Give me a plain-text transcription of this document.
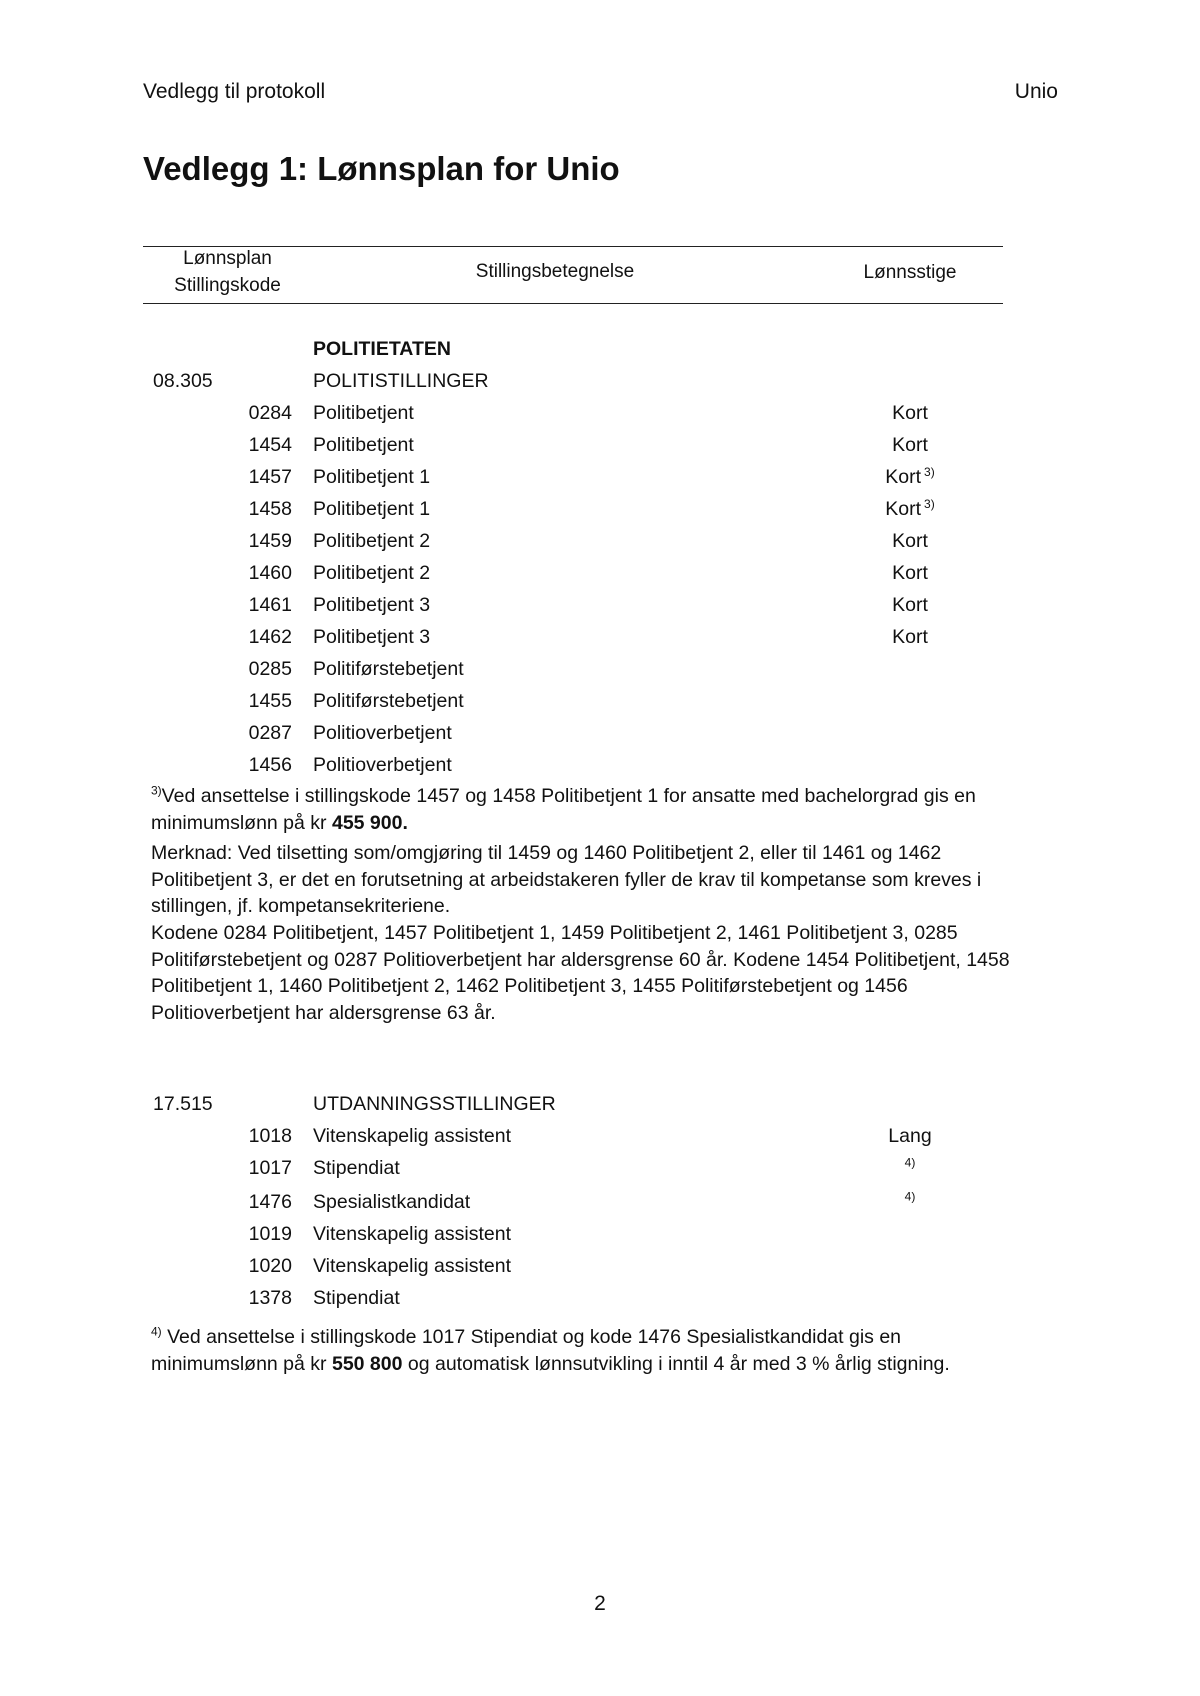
Vedlegg til protokoll	Unio
Vedlegg 1: Lønnsplan for Unio
Lønnsplan
Stillingskode
Stillingsbetegnelse	Lønnsstige
POLITIETATEN
08.305	POLITISTILLINGER
0284 Politibetjent	Kort
1454 Politibetjent	Kort
1457 Politibetjent 1	Kort $^{3)}$
1458 Politibetjent 1	Kort $^{3)}$
1459 Politibetjent 2	Kort
1460 Politibetjent 2	Kort
1461 Politibetjent 3	Kort
1462 Politibetjent 3	Kort
0285 Politiførstebetjent
1455 Politiførstebetjent
0287 Politioverbetjent
1456 Politioverbetjent
$^{3)}$Ved ansettelse i stillingskode 1457 og 1458 Politibetjent 1 for ansatte med bachelorgrad gis en minimumslønn på kr 455 900.
Merknad: Ved tilsetting som/omgjøring til 1459 og 1460 Politibetjent 2, eller til 1461 og 1462 Politibetjent 3, er det en forutsetning at arbeidstakeren fyller de krav til kompetanse som kreves i stillingen, jf. kompetansekriteriene.
Kodene 0284 Politibetjent, 1457 Politibetjent 1, 1459 Politibetjent 2, 1461 Politibetjent 3, 0285 Politiførstebetjent og 0287 Politioverbetjent har aldersgrense 60 år. Kodene 1454 Politibetjent, 1458 Politibetjent 1, 1460 Politibetjent 2, 1462 Politibetjent 3, 1455 Politiførstebetjent og 1456 Politioverbetjent har aldersgrense 63 år.
17.515	UTDANNINGSSTILLINGER
1018 Vitenskapelig assistent	Lang
1017 Stipendiat	$^{4)}$
1476 Spesialistkandidat	$^{4)}$
1019 Vitenskapelig assistent
1020 Vitenskapelig assistent
1378 Stipendiat
$^{4)}$ Ved ansettelse i stillingskode 1017 Stipendiat og kode 1476 Spesialistkandidat gis en minimumslønn på kr 550 800 og automatisk lønnsutvikling i inntil 4 år med 3 % årlig stigning.
2
